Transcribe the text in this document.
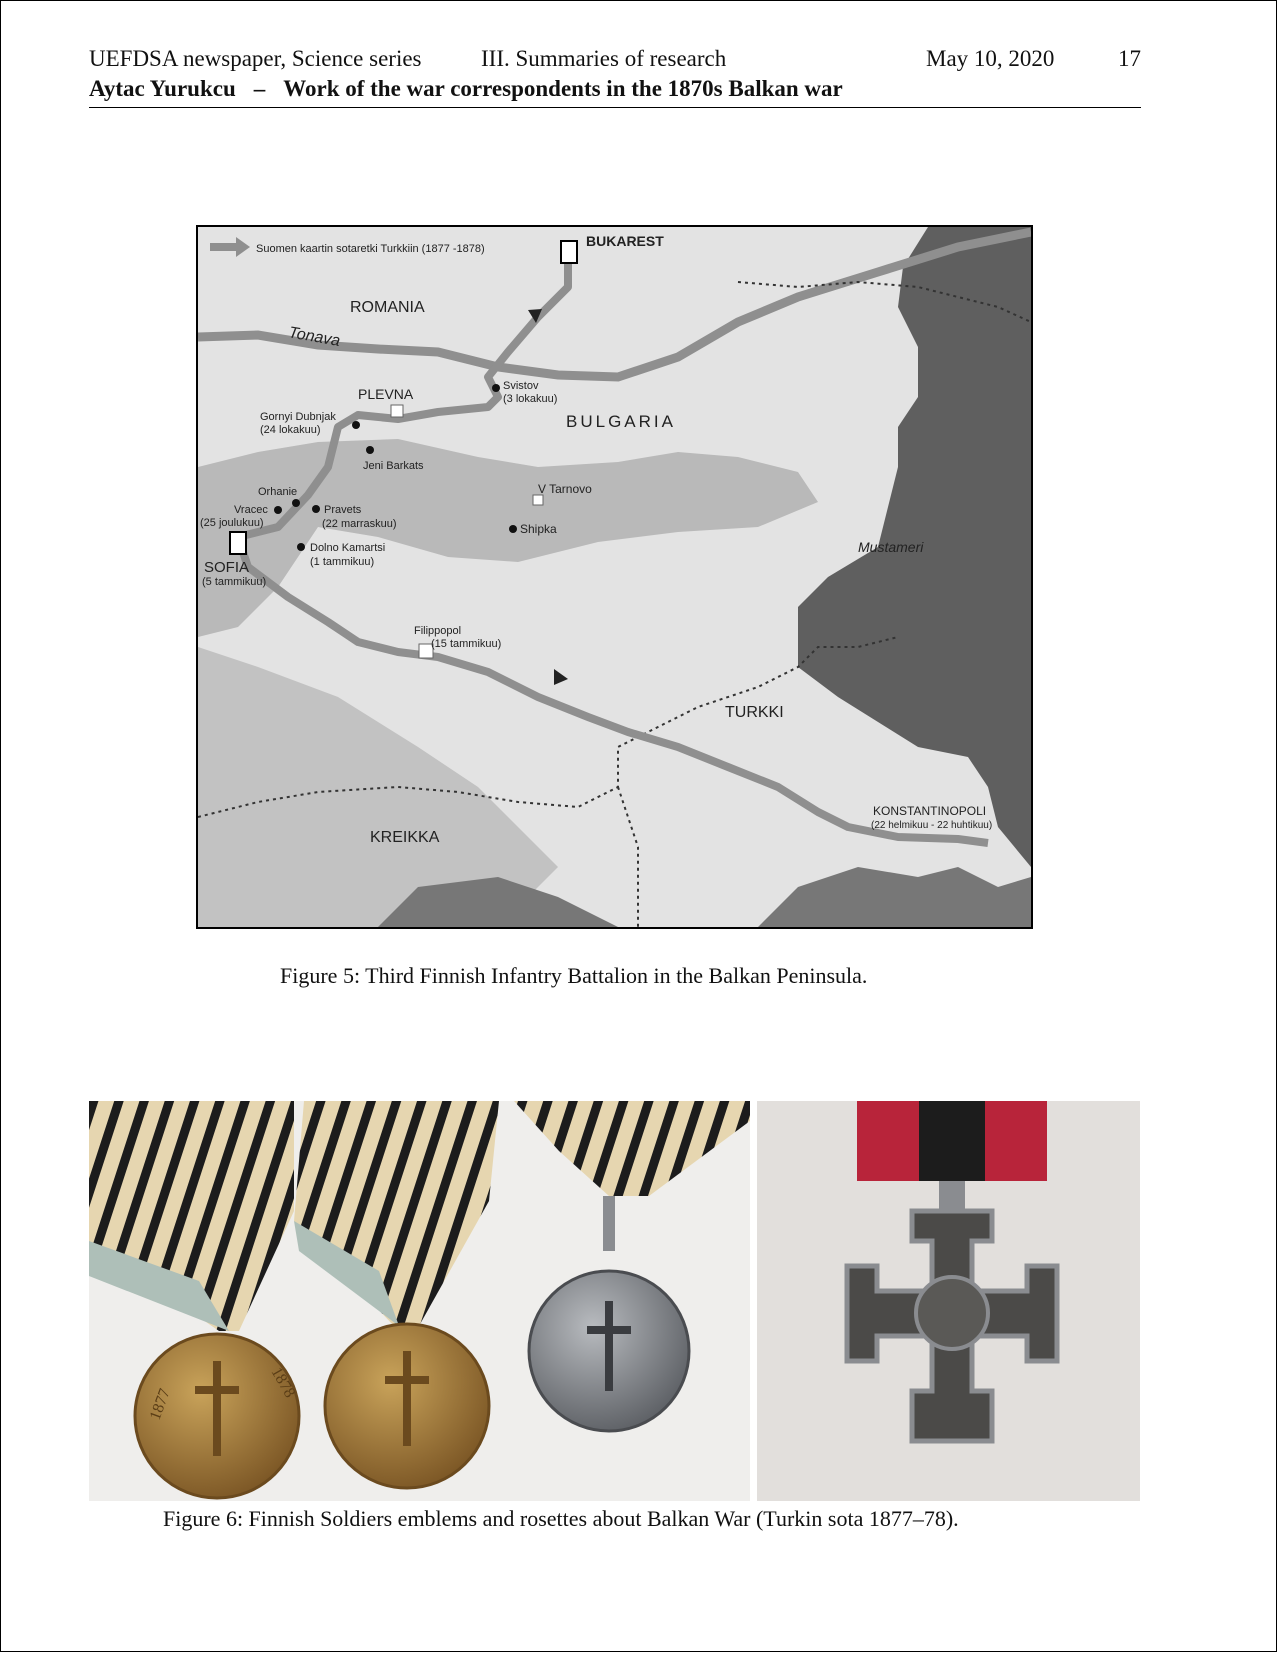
UEFDSA newspaper, Science series	III. Summaries of research	May 10, 2020	17
Aytac Yurukcu – Work of the war correspondents in the 1870s Balkan war
Suomen kaartin sotaretki Turkkiin (1877 -1878)	BUKAREST
ROMANIA
Tonava
Svistov
(3 lokakuu)
PLEVNA
BULGARIA
Gornyi Dubnjak
(24 lokakuu)
Jeni Barkats
Orhanie
Vracec
(25 joulukuu)
Pravets
(22 marraskuu)
V Tarnovo
Shipka
Dolno Kamartsi
(1 tammikuu)
SOFIA
(5 tammikuu)
Mustameri
Filippopol
(15 tammikuu)
TURKKI
KONSTANTINOPOLI
(22 helmikuu - 22 huhtikuu)
KREIKKA
Figure 5: Third Finnish Infantry Battalion in the Balkan Peninsula.
1877
1878
Figure 6: Finnish Soldiers emblems and rosettes about Balkan War (Turkin sota 1877–78).
